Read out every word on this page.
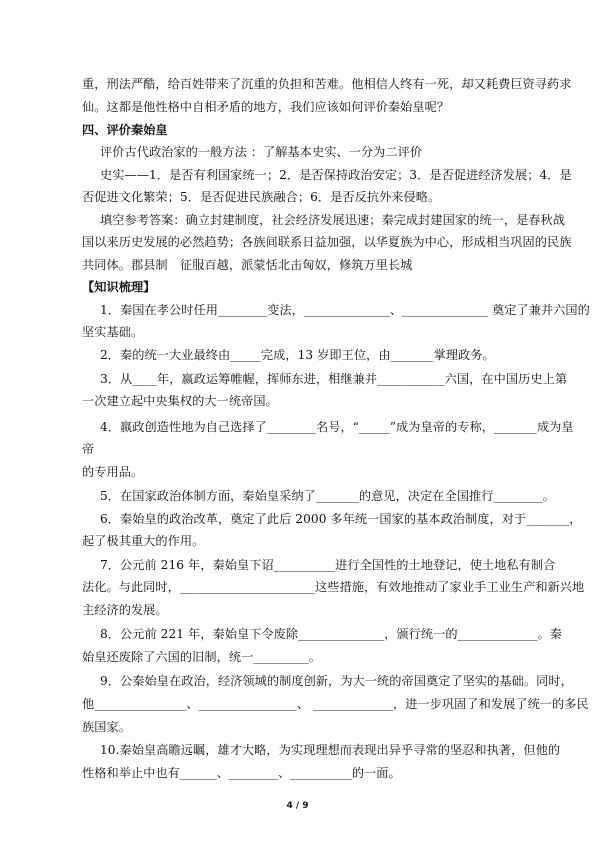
重，刑法严酷，给百姓带来了沉重的负担和苦难。他相信人终有一死，却又耗费巨资寻药求
仙。这都是他性格中自相矛盾的地方，我们应该如何评价秦始皇呢？
四、评价秦始皇
评价古代政治家的一般方法 ：了解基本史实、一分为二评价
史实——1．是否有利国家统一；2．是否保持政治安定；3．是否促进经济发展；4．是
否促进文化繁荣；5．是否促进民族融合；6．是否反抗外来侵略。
填空参考答案：确立封建制度，社会经济发展迅速；秦完成封建国家的统一，是春秋战
国以来历史发展的必然趋势；各族间联系日益加强，以华夏族为中心，形成相当巩固的民族
共同体。郡县制　征服百越，派蒙恬北击匈奴，修筑万里长城
【知识梳理】
1．秦国在孝公时任用________变法，______________、______________ 奠定了兼并六国的
坚实基础。
2．秦的统一大业最终由_____完成，13 岁即王位，由_______掌理政务。
3．从____年，嬴政运筹帷幄，挥师东进，相继兼并___________六国，在中国历史上第
一次建立起中央集权的大一统帝国。
4．嬴政创造性地为自己选择了________名号，“_____”成为皇帝的专称，_______成为皇
帝
的专用品。
5．在国家政治体制方面，秦始皇采纳了_______的意见，决定在全国推行________。
6．秦始皇的政治改革，奠定了此后 2000 多年统一国家的基本政治制度，对于_______，
起了极其重大的作用。
7．公元前 216 年，秦始皇下诏__________进行全国性的土地登记，使土地私有制合
法化。与此同时，______________________这些措施，有效地推动了家业手工业生产和新兴地
主经济的发展。
8．公元前 221 年，秦始皇下令废除______________，颁行统一的_____________。秦
始皇还废除了六国的旧制，统一_________。
9．公秦始皇在政治，经济领域的制度创新，为大一统的帝国奠定了坚实的基础。同时，
他_______________、________________、 _____________，进一步巩固了和发展了统一的多民
族国家。
10.秦始皇高瞻远瞩，雄才大略，为实现理想而表现出异乎寻常的坚忍和执著，但他的
性格和举止中也有______、________、__________的一面。
4 / 9
